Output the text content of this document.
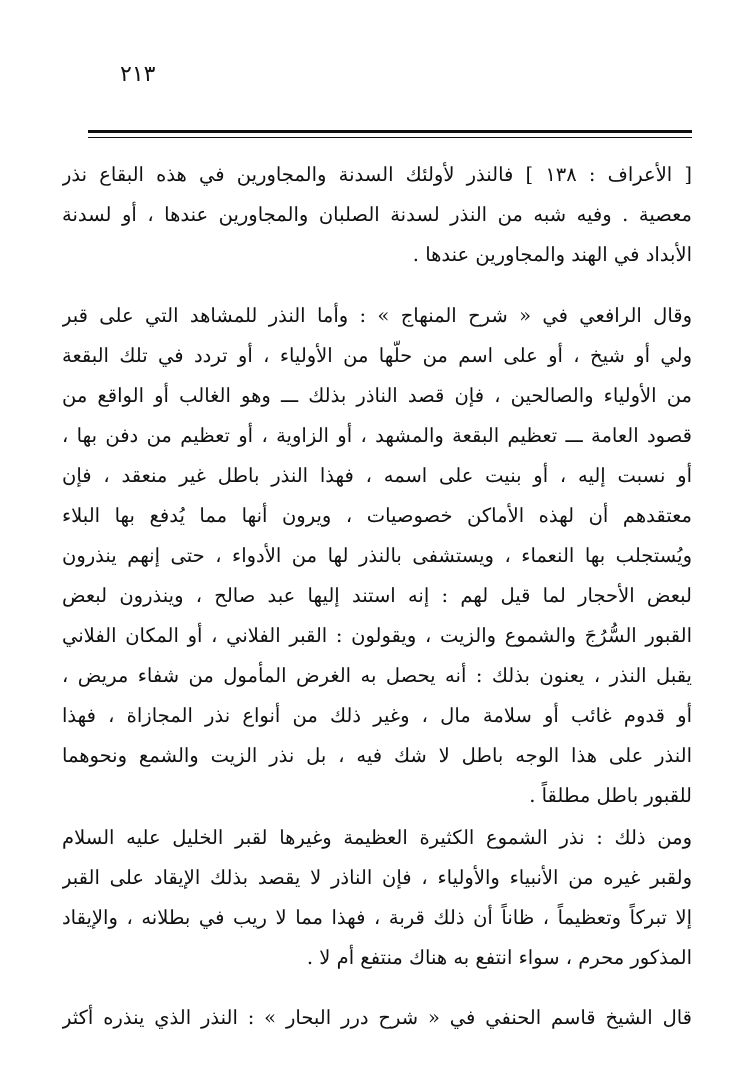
٢١٣
[ الأعراف : ١٣٨ ] فالنذر لأولئك السدنة والمجاورين في هذه البقاع نذر
معصية . وفيه شبه من النذر لسدنة الصلبان والمجاورين عندها ، أو لسدنة
الأبداد في الهند والمجاورين عندها .
وقال الرافعي في « شرح المنهاج » : وأما النذر للمشاهد التي على قبر
ولي أو شيخ ، أو على اسم من حلّها من الأولياء ، أو تردد في تلك البقعة
من الأولياء والصالحين ، فإن قصد الناذر بذلك ـــ وهو الغالب أو الواقع من
قصود العامة ـــ تعظيم البقعة والمشهد ، أو الزاوية ، أو تعظيم من دفن بها ،
أو نسبت إليه ، أو بنيت على اسمه ، فهذا النذر باطل غير منعقد ، فإن
معتقدهم أن لهذه الأماكن خصوصيات ، ويرون أنها مما يُدفع بها البلاء
ويُستجلب بها النعماء ، ويستشفى بالنذر لها من الأدواء ، حتى إنهم ينذرون
لبعض الأحجار لما قيل لهم : إنه استند إليها عبد صالح ، وينذرون لبعض
القبور السُّرُجَ والشموع والزيت ، ويقولون : القبر الفلاني ، أو المكان الفلاني
يقبل النذر ، يعنون بذلك : أنه يحصل به الغرض المأمول من شفاء مريض ،
أو قدوم غائب أو سلامة مال ، وغير ذلك من أنواع نذر المجازاة ، فهذا
النذر على هذا الوجه باطل لا شك فيه ، بل نذر الزيت والشمع ونحوهما
للقبور باطل مطلقاً .
ومن ذلك : نذر الشموع الكثيرة العظيمة وغيرها لقبر الخليل عليه السلام
ولقبر غيره من الأنبياء والأولياء ، فإن الناذر لا يقصد بذلك الإيقاد على القبر
إلا تبركاً وتعظيماً ، ظاناً أن ذلك قربة ، فهذا مما لا ريب في بطلانه ، والإيقاد
المذكور محرم ، سواء انتفع به هناك منتفع أم لا .
قال الشيخ قاسم الحنفي في « شرح درر البحار » : النذر الذي ينذره أكثر
